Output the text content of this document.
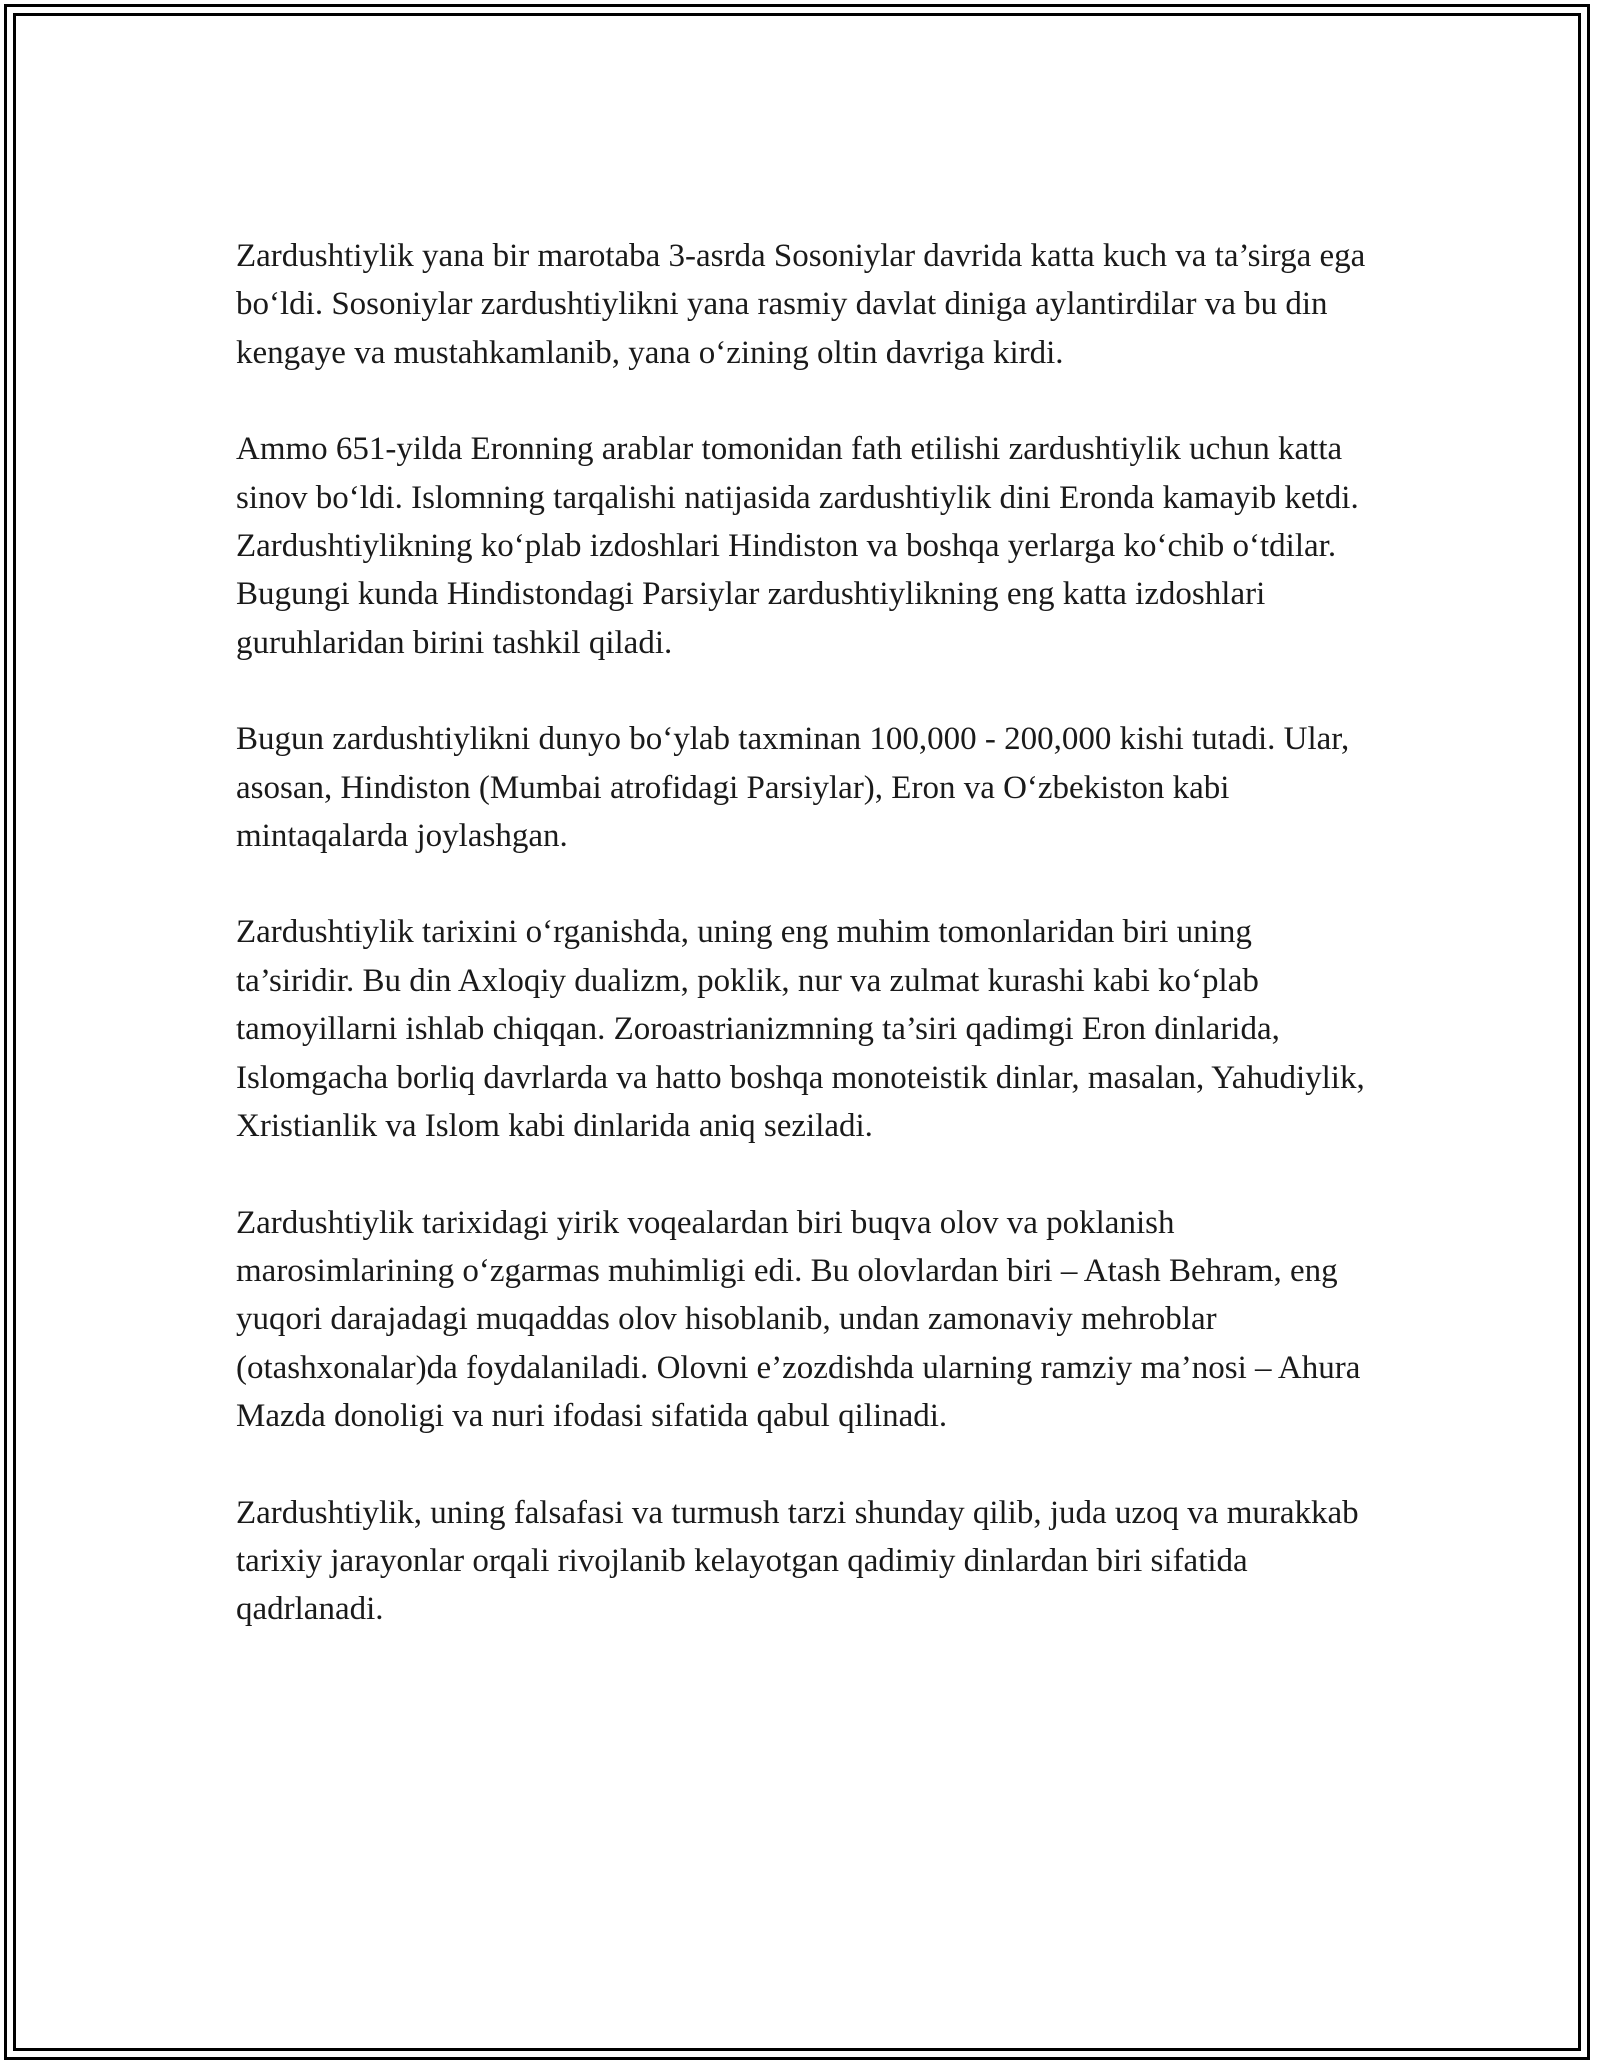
Zardushtiylik yana bir marotaba 3-asrda Sosoniylar davrida katta kuch va ta’sirga ega bo‘ldi. Sosoniylar zardushtiylikni yana rasmiy davlat diniga aylantirdilar va bu din kengaye va mustahkamlanib, yana o‘zining oltin davriga kirdi.

Ammo 651-yilda Eronning arablar tomonidan fath etilishi zardushtiylik uchun katta sinov bo‘ldi. Islomning tarqalishi natijasida zardushtiylik dini Eronda kamayib ketdi. Zardushtiylikning ko‘plab izdoshlari Hindiston va boshqa yerlarga ko‘chib o‘tdilar. Bugungi kunda Hindistondagi Parsiylar zardushtiylikning eng katta izdoshlari guruhlaridan birini tashkil qiladi.

Bugun zardushtiylikni dunyo bo‘ylab taxminan 100,000 - 200,000 kishi tutadi. Ular, asosan, Hindiston (Mumbai atrofidagi Parsiylar), Eron va O‘zbekiston kabi mintaqalarda joylashgan.

Zardushtiylik tarixini o‘rganishda, uning eng muhim tomonlaridan biri uning ta’siridir. Bu din Axloqiy dualizm, poklik, nur va zulmat kurashi kabi ko‘plab tamoyillarni ishlab chiqqan. Zoroastrianizmning ta’siri qadimgi Eron dinlarida, Islomgacha borliq davrlarda va hatto boshqa monoteistik dinlar, masalan, Yahudiylik, Xristianlik va Islom kabi dinlarida aniq seziladi.

Zardushtiylik tarixidagi yirik voqealardan biri buqva olov va poklanish marosimlarining o‘zgarmas muhimligi edi. Bu olovlardan biri – Atash Behram, eng yuqori darajadagi muqaddas olov hisoblanib, undan zamonaviy mehroblar (otashxonalar)da foydalaniladi. Olovni e’zozdishda ularning ramziy ma’nosi – Ahura Mazda donoligi va nuri ifodasi sifatida qabul qilinadi.

Zardushtiylik, uning falsafasi va turmush tarzi shunday qilib, juda uzoq va murakkab tarixiy jarayonlar orqali rivojlanib kelayotgan qadimiy dinlardan biri sifatida qadrlanadi.
